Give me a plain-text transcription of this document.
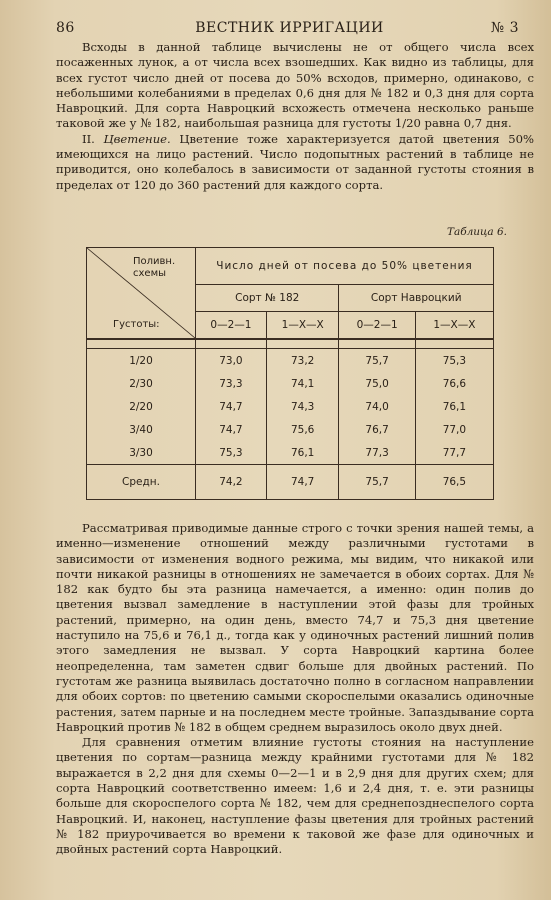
86	ВЕСТНИК ИРРИГАЦИИ	№ 3

Всходы в данной таблице вычислены не от общего числа всех посаженных лунок, а от числа всех взошедших. Как видно из таблицы, для всех густот число дней от посева до 50% всходов, примерно, одинаково, с небольшими колебаниями в пределах 0,6 дня для № 182 и 0,3 дня для сорта Навроцкий. Для сорта Навроцкий всхожесть отмечена несколько раньше таковой же у № 182, наибольшая разница для густоты 1/20 равна 0,7 дня.

II. Цветение. Цветение тоже характеризуется датой цветения 50% имеющихся на лицо растений. Число подопытных растений в таблице не приводится, оно колебалось в зависимости от заданной густоты стояния в пределах от 120 до 360 растений для каждого сорта.

Таблица 6.
Поливн. схемы
Густоты:	Число дней от посева до 50% цветения			
	Сорт № 182		Сорт Навроцкий	
	0—2—1	1—X—X	0—2—1	1—X—X

1/20	73,0	73,2	75,7	75,3
2/30	73,3	74,1	75,0	76,6
2/20	74,7	74,3	74,0	76,1
3/40	74,7	75,6	76,7	77,0
3/30	75,3	76,1	77,3	77,7
Средн.	74,2	74,7	75,7	76,5

Рассматривая приводимые данные строго с точки зрения нашей темы, а именно—изменение отношений между различными густотами в зависимости от изменения водного режима, мы видим, что никакой или почти никакой разницы в отношениях не замечается в обоих сортах. Для № 182 как будто бы эта разница намечается, а именно: один полив до цветения вызвал замедление в наступлении этой фазы для тройных растений, примерно, на один день, вместо 74,7 и 75,3 дня цветение наступило на 75,6 и 76,1 д., тогда как у одиночных растений лишний полив этого замедления не вызвал. У сорта Навроцкий картина более неопределенна, там заметен сдвиг больше для двойных растений. По густотам же разница выявилась достаточно полно в согласном направлении для обоих сортов: по цветению самыми скороспелыми оказались одиночные растения, затем парные и на последнем месте тройные. Запаздывание сорта Навроцкий против № 182 в общем среднем выразилось около двух дней.

Для сравнения отметим влияние густоты стояния на наступление цветения по сортам—разница между крайними густотами для № 182 выражается в 2,2 дня для схемы 0—2—1 и в 2,9 дня для других схем; для сорта Навроцкий соответственно имеем: 1,6 и 2,4 дня, т. е. эти разницы больше для скороспелого сорта № 182, чем для среднепозднеспелого сорта Навроцкий. И, наконец, наступление фазы цветения для тройных растений № 182 приурочивается во времени к таковой же фазе для одиночных и двойных растений сорта Навроцкий.
